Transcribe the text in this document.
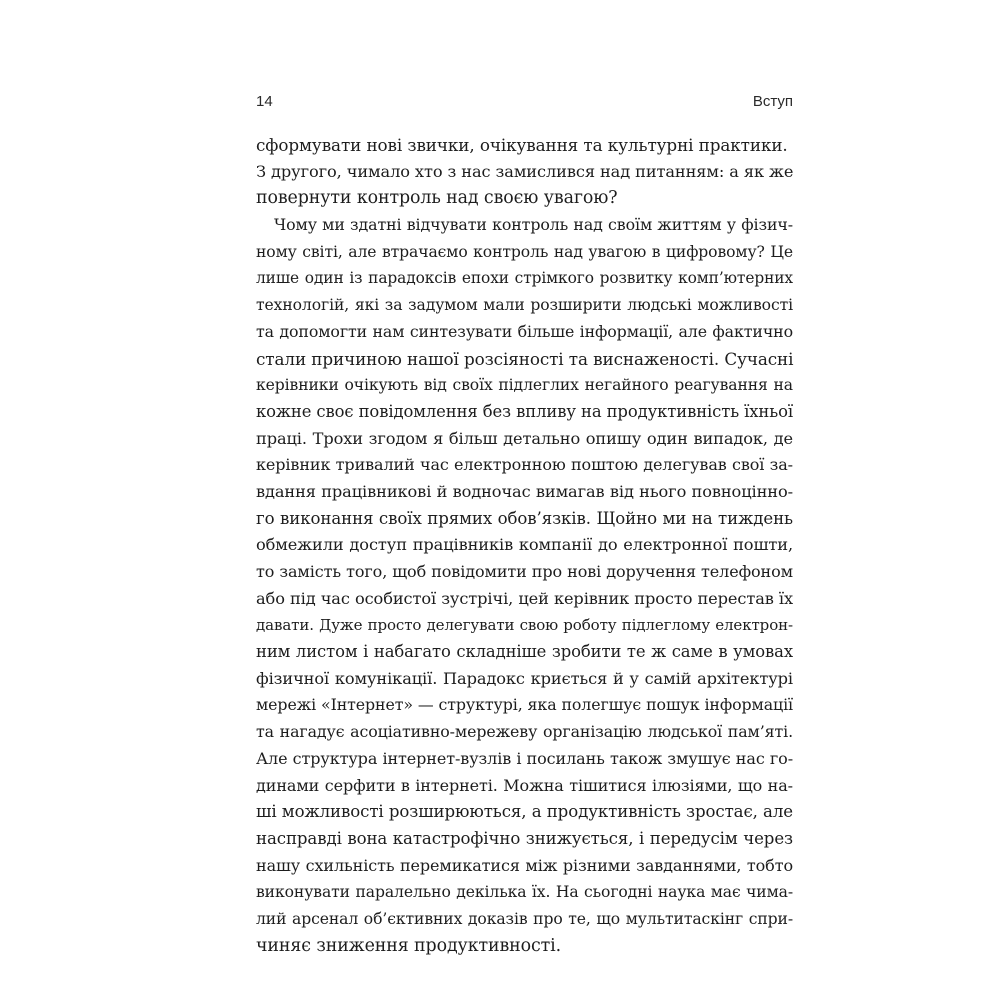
14	Вступ
сформувати нові звички, очікування та культурні практики.
З другого, чимало хто з нас замислився над питанням: а як же
повернути контроль над своєю увагою?
Чому ми здатні відчувати контроль над своїм життям у фізич-
ному світі, але втрачаємо контроль над увагою в цифровому? Це
лише один із парадоксів епохи стрімкого розвитку комп’ютерних
технологій, які за задумом мали розширити людські можливості
та допомогти нам синтезувати більше інформації, але фактично
стали причиною нашої розсіяності та виснаженості. Сучасні
керівники очікують від своїх підлеглих негайного реагування на
кожне своє повідомлення без впливу на продуктивність їхньої
праці. Трохи згодом я більш детально опишу один випадок, де
керівник тривалий час електронною поштою делегував свої за-
вдання працівникові й водночас вимагав від нього повноцінно-
го виконання своїх прямих обов’язків. Щойно ми на тиждень
обмежили доступ працівників компанії до електронної пошти,
то замість того, щоб повідомити про нові доручення телефоном
або під час особистої зустрічі, цей керівник просто перестав їх
давати. Дуже просто делегувати свою роботу підлеглому електрон-
ним листом і набагато складніше зробити те ж саме в умовах
фізичної комунікації. Парадокс криється й у самій архітектурі
мережі «Інтернет» — структурі, яка полегшує пошук інформації
та нагадує асоціативно-мережеву організацію людської пам’яті.
Але структура інтернет-вузлів і посилань також змушує нас го-
динами серфити в інтернеті. Можна тішитися ілюзіями, що на-
ші можливості розширюються, а продуктивність зростає, але
насправді вона катастрофічно знижується, і передусім через
нашу схильність перемикатися між різними завданнями, тобто
виконувати паралельно декілька їх. На сьогодні наука має чима-
лий арсенал об’єктивних доказів про те, що мультитаскінг спри-
чиняє зниження продуктивності.
